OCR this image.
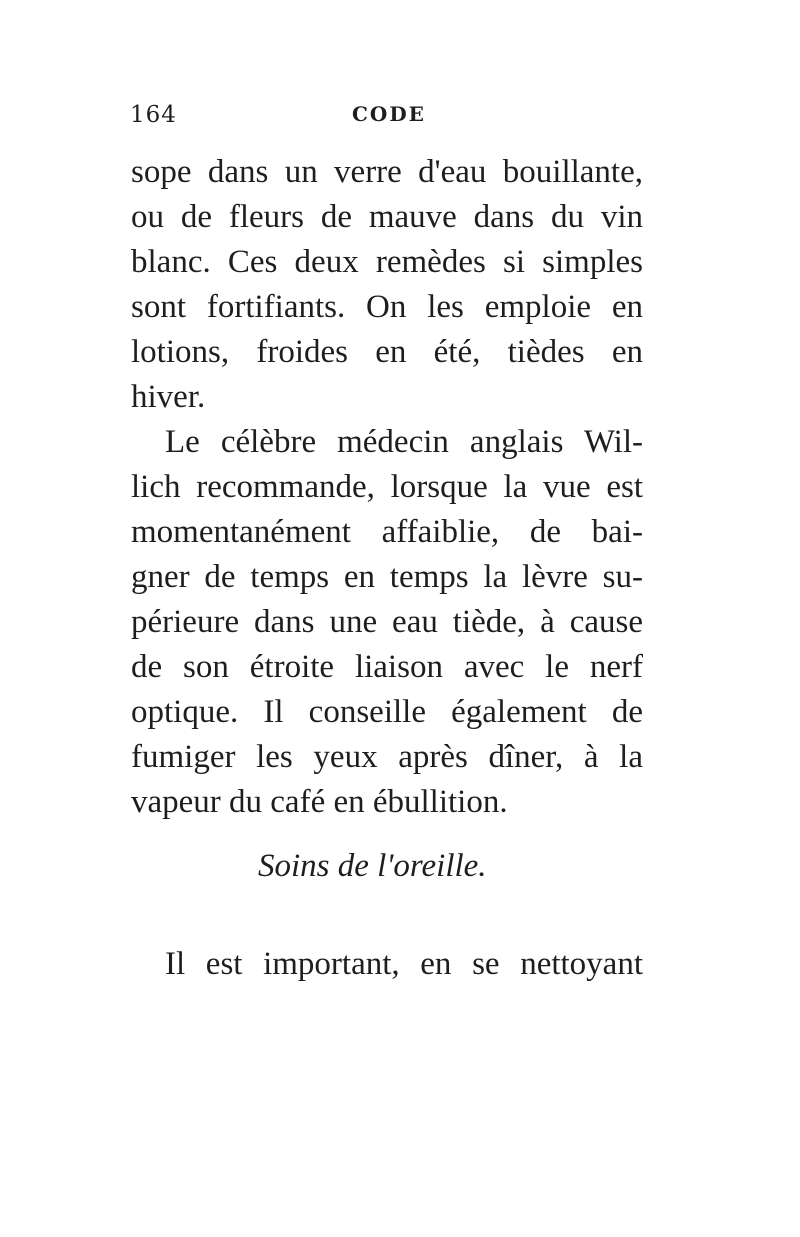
164	CODE
sope dans un verre d'eau bouillante,
ou de fleurs de mauve dans du vin
blanc. Ces deux remèdes si simples
sont fortifiants. On les emploie en
lotions, froides en été, tièdes en
hiver.
Le célèbre médecin anglais Wil-
lich recommande, lorsque la vue est
momentanément affaiblie, de bai-
gner de temps en temps la lèvre su-
périeure dans une eau tiède, à cause
de son étroite liaison avec le nerf
optique. Il conseille également de
fumiger les yeux après dîner, à la
vapeur du café en ébullition.
Soins de l'oreille.
Il est important, en se nettoyant
